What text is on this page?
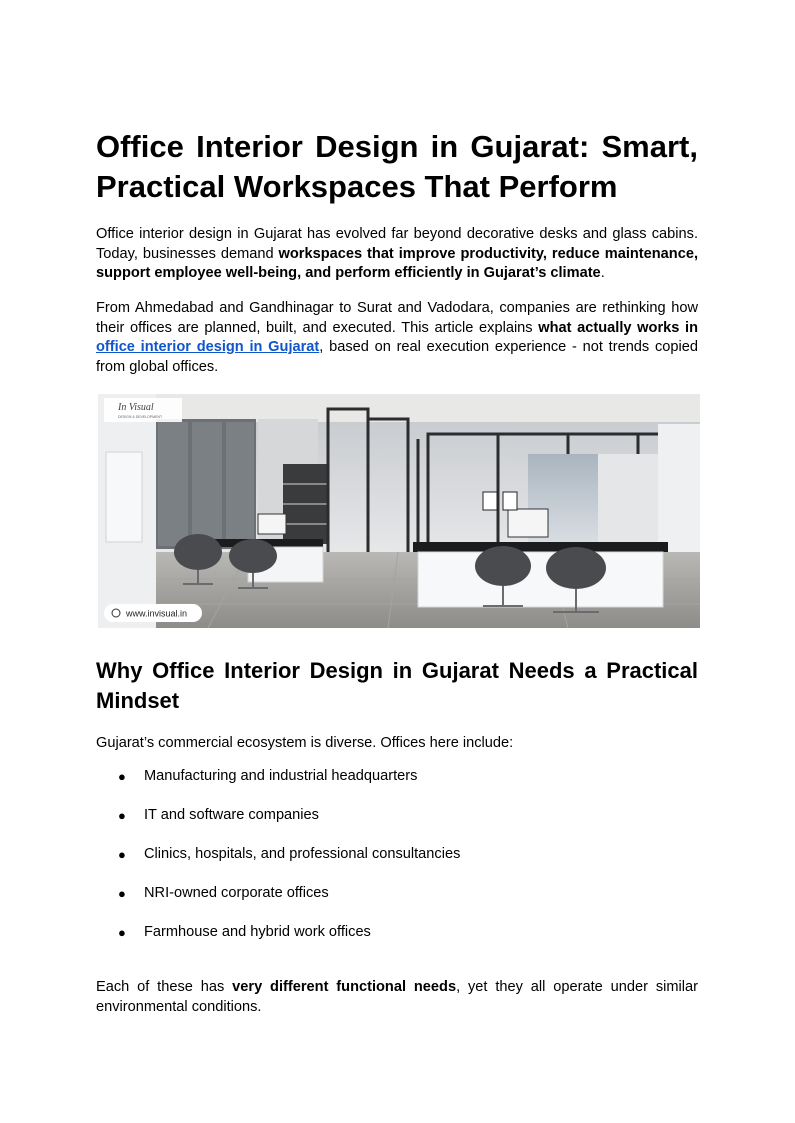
Office Interior Design in Gujarat: Smart, Practical Workspaces That Perform

Office interior design in Gujarat has evolved far beyond decorative desks and glass cabins. Today, businesses demand workspaces that improve productivity, reduce maintenance, support employee well-being, and perform efficiently in Gujarat’s climate.

From Ahmedabad and Gandhinagar to Surat and Vadodara, companies are rethinking how their offices are planned, built, and executed. This article explains what actually works in office interior design in Gujarat, based on real execution experience - not trends copied from global offices.

In Visual
DESIGN & DEVELOPMENT
www.invisual.in
Why Office Interior Design in Gujarat Needs a Practical Mindset

Gujarat’s commercial ecosystem is diverse. Offices here include:

● Manufacturing and industrial headquarters
● IT and software companies
● Clinics, hospitals, and professional consultancies
● NRI-owned corporate offices
● Farmhouse and hybrid work offices

Each of these has very different functional needs, yet they all operate under similar environmental conditions.
